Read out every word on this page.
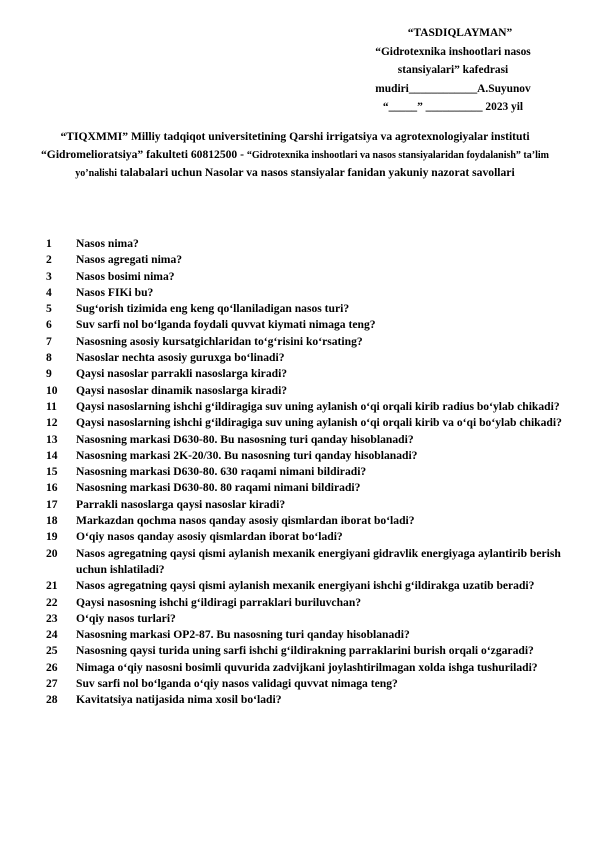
“TASDIQLAYMAN”
“Gidrotexnika inshootlari nasos
stansiyalari” kafedrasi
mudiri____________A.Suyunov
“_____” __________ 2023 yil
“TIQXMMI” Milliy tadqiqot universitetining Qarshi irrigatsiya va agrotexnologiyalar instituti “Gidromelioratsiya” fakulteti 60812500 - “Gidrotexnika inshootlari va nasos stansiyalaridan foydalanish” ta’lim yo’nalishi talabalari uchun Nasolar va nasos stansiyalar fanidan yakuniy nazorat savollari
1	Nasos nima?
2	Nasos agregati nima?
3	Nasos bosimi nima?
4	Nasos FIKi bu?
5	Sug‘orish tizimida eng keng qo‘llaniladigan nasos turi?
6	Suv sarfi nol bo‘lganda foydali quvvat kiymati nimaga teng?
7	Nasosning asosiy kursatgichlaridan to‘g‘risini ko‘rsating?
8	Nasoslar nechta asosiy guruxga bo‘linadi?
9	Qaysi nasoslar parrakli nasoslarga kiradi?
10	Qaysi nasoslar dinamik nasoslarga kiradi?
11	Qaysi nasoslarning ishchi g‘ildiragiga suv uning aylanish o‘qi orqali kirib radius bo‘ylab chikadi?
12	Qaysi nasoslarning ishchi g‘ildiragiga suv uning aylanish o‘qi orqali kirib va o‘qi bo‘ylab chikadi?
13	Nasosning markasi D630-80. Bu nasosning turi qanday hisoblanadi?
14	Nasosning markasi 2K-20/30. Bu nasosning turi qanday hisoblanadi?
15	Nasosning markasi D630-80. 630 raqami nimani bildiradi?
16	Nasosning markasi D630-80. 80 raqami nimani bildiradi?
17	Parrakli nasoslarga qaysi nasoslar kiradi?
18	Markazdan qochma nasos qanday asosiy qismlardan iborat bo‘ladi?
19	O‘qiy nasos qanday asosiy qismlardan iborat bo‘ladi?
20	Nasos agregatning qaysi qismi aylanish mexanik energiyani gidravlik energiyaga aylantirib berish uchun ishlatiladi?
21	Nasos agregatning qaysi qismi aylanish mexanik energiyani ishchi g‘ildirakga uzatib beradi?
22	Qaysi nasosning ishchi g‘ildiragi parraklari buriluvchan?
23	O‘qiy nasos turlari?
24	Nasosning markasi OP2-87. Bu nasosning turi qanday hisoblanadi?
25	Nasosning qaysi turida uning sarfi ishchi g‘ildirakning parraklarini burish orqali o‘zgaradi?
26	Nimaga o‘qiy nasosni bosimli quvurida zadvijkani joylashtirilmagan xolda ishga tushuriladi?
27	Suv sarfi nol bo‘lganda o‘qiy nasos validagi quvvat nimaga teng?
28	Kavitatsiya natijasida nima xosil bo‘ladi?
